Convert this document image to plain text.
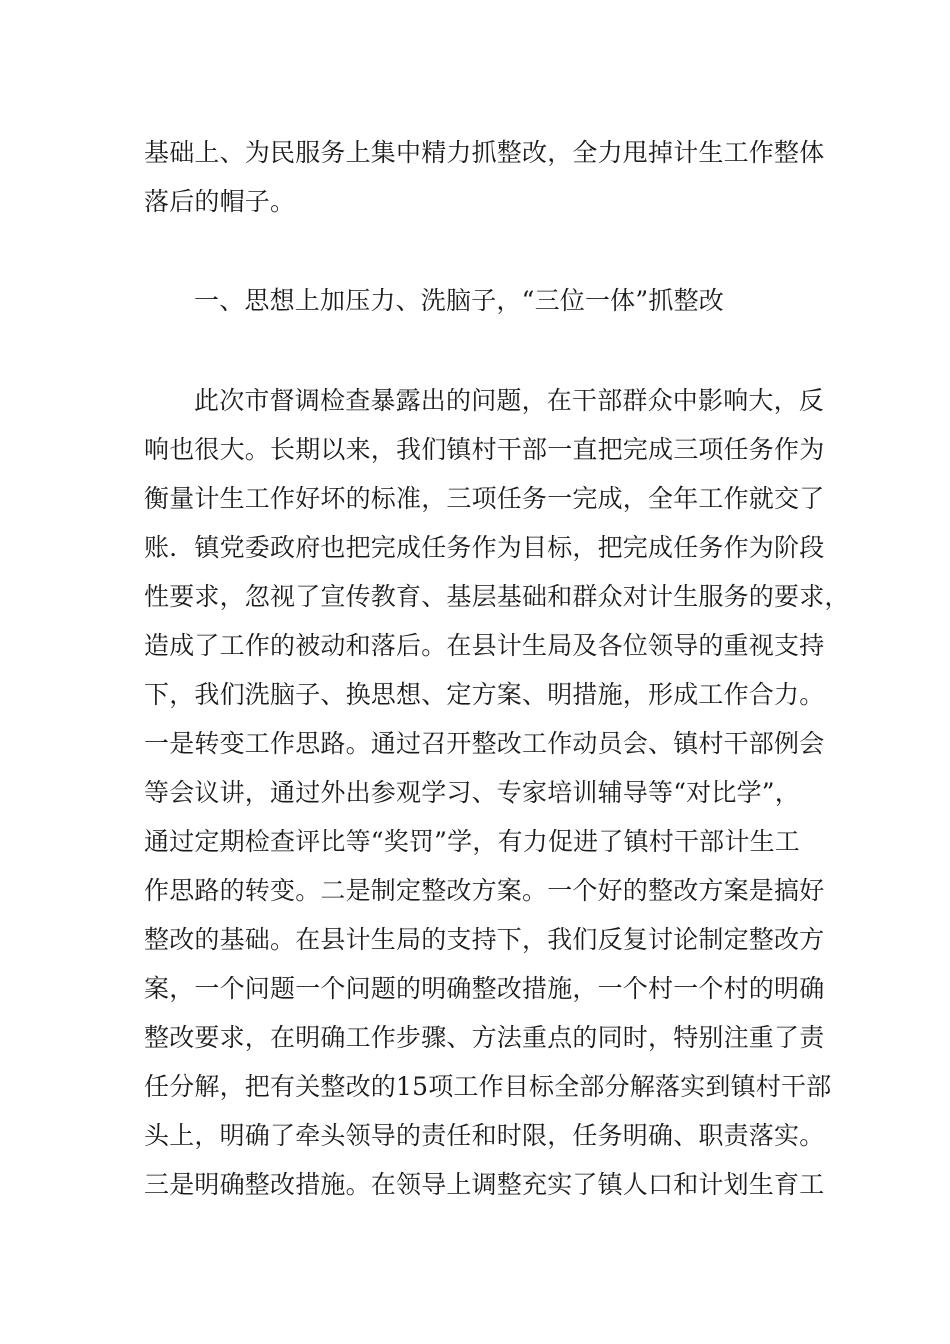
基础上、为民服务上集中精力抓整改，全力甩掉计生工作整体
落后的帽子。
一、思想上加压力、洗脑子，“三位一体”抓整改
此次市督调检查暴露出的问题，在干部群众中影响大，反
响也很大。长期以来，我们镇村干部一直把完成三项任务作为
衡量计生工作好坏的标准，三项任务一完成，全年工作就交了
账．镇党委政府也把完成任务作为目标，把完成任务作为阶段
性要求，忽视了宣传教育、基层基础和群众对计生服务的要求，
造成了工作的被动和落后。在县计生局及各位领导的重视支持
下，我们洗脑子、换思想、定方案、明措施，形成工作合力。
一是转变工作思路。通过召开整改工作动员会、镇村干部例会
等会议讲，通过外出参观学习、专家培训辅导等“对比学”，
通过定期检查评比等“奖罚”学，有力促进了镇村干部计生工
作思路的转变。二是制定整改方案。一个好的整改方案是搞好
整改的基础。在县计生局的支持下，我们反复讨论制定整改方
案，一个问题一个问题的明确整改措施，一个村一个村的明确
整改要求，在明确工作步骤、方法重点的同时，特别注重了责
任分解，把有关整改的15项工作目标全部分解落实到镇村干部
头上，明确了牵头领导的责任和时限，任务明确、职责落实。
三是明确整改措施。在领导上调整充实了镇人口和计划生育工
